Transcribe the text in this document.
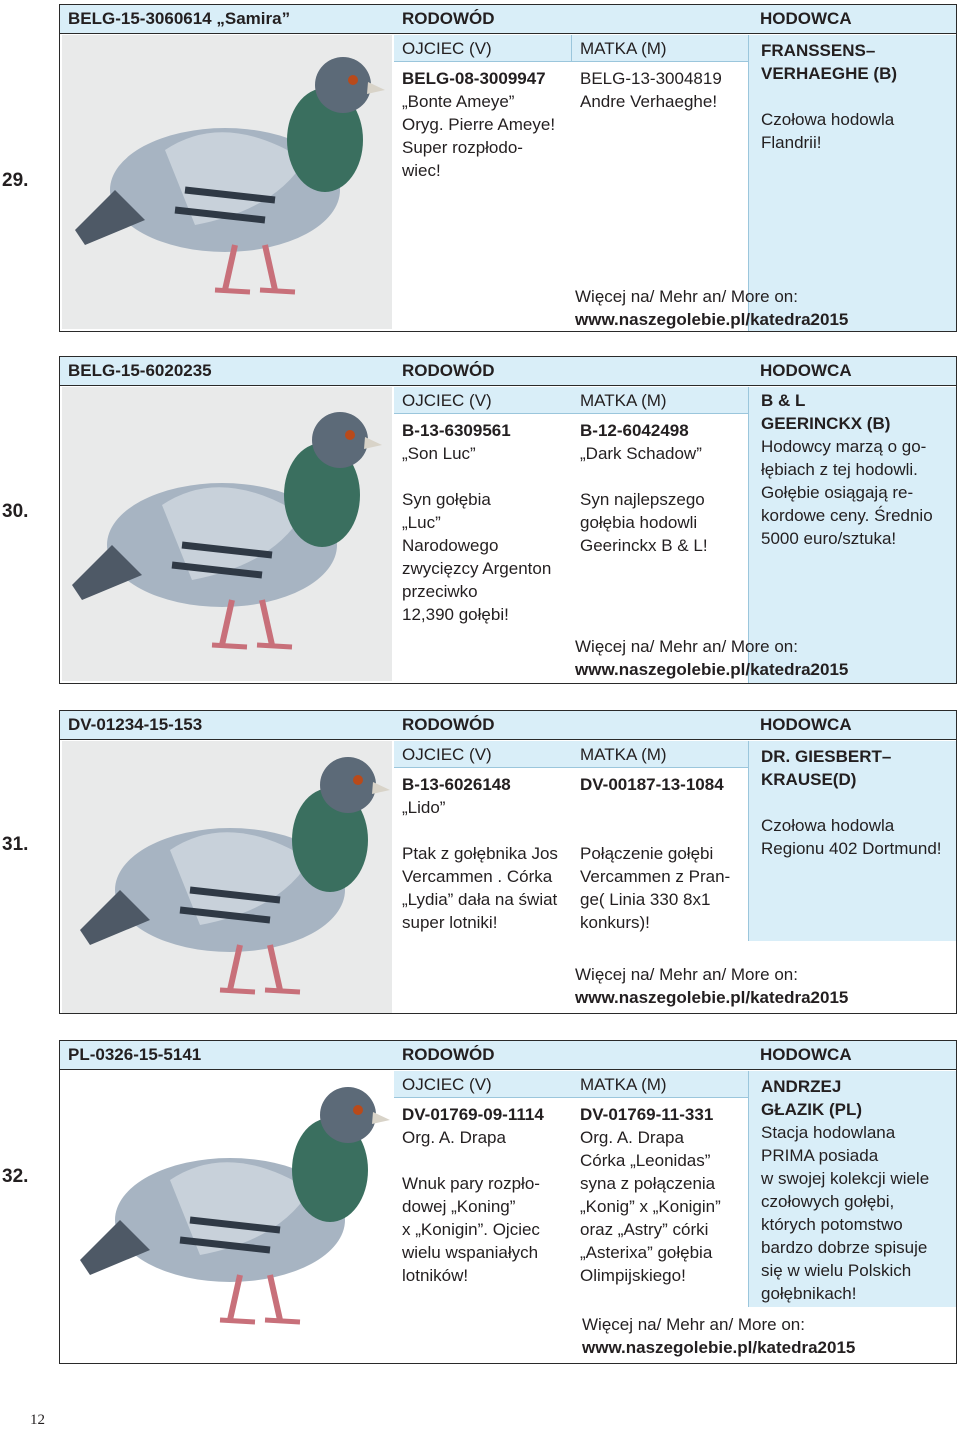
29.
BELG-15-3060614 „Samira”	RODOWÓD	HODOWCA
OJCIEC (V)	MATKA (M)
BELG-08-3009947
„Bonte Ameye”
Oryg. Pierre Ameye!
Super rozpłodo-
wiec!
BELG-13-3004819
Andre Verhaeghe!
FRANSSENS–
VERHAEGHE (B)
Czołowa hodowla
Flandrii!
Więcej na/ Mehr an/ More on:
www.naszegolebie.pl/katedra2015
30.
BELG-15-6020235	RODOWÓD	HODOWCA
OJCIEC (V)	MATKA (M)
B-13-6309561
„Son Luc”
Syn gołębia
„Luc”
Narodowego
zwycięzcy Argenton
przeciwko
12,390 gołębi!
B-12-6042498
„Dark Schadow”
Syn najlepszego
gołębia hodowli
Geerinckx B & L!
B & L
GEERINCKX (B)
Hodowcy marzą o go-
łębiach z tej hodowli.
Gołębie osiągają re-
kordowe ceny. Średnio
5000 euro/sztuka!
Więcej na/ Mehr an/ More on:
www.naszegolebie.pl/katedra2015
31.
DV-01234-15-153	RODOWÓD	HODOWCA
OJCIEC (V)	MATKA (M)
B-13-6026148
„Lido”
Ptak z gołębnika Jos
Vercammen . Córka
„Lydia” dała na świat
super lotniki!
DV-00187-13-1084
Połączenie gołębi
Vercammen z Pran-
ge( Linia 330 8x1
konkurs)!
DR. GIESBERT–
KRAUSE(D)
Czołowa hodowla
Regionu 402 Dortmund!
Więcej na/ Mehr an/ More on:
www.naszegolebie.pl/katedra2015
32.
PL-0326-15-5141	RODOWÓD	HODOWCA
OJCIEC (V)	MATKA (M)
DV-01769-09-1114
Org. A. Drapa
Wnuk pary rozpło-
dowej „Koning”
x „Konigin”. Ojciec
wielu wspaniałych
lotników!
DV-01769-11-331
Org. A. Drapa
Córka „Leonidas”
syna z połączenia
„Konig” x „Konigin”
oraz „Astry” córki
„Asterixa” gołębia
Olimpijskiego!
ANDRZEJ
GŁAZIK (PL)
Stacja hodowlana
PRIMA posiada
w swojej kolekcji wiele
czołowych gołębi,
których potomstwo
bardzo dobrze spisuje
się w wielu Polskich
gołębnikach!
Więcej na/ Mehr an/ More on:
www.naszegolebie.pl/katedra2015
12
